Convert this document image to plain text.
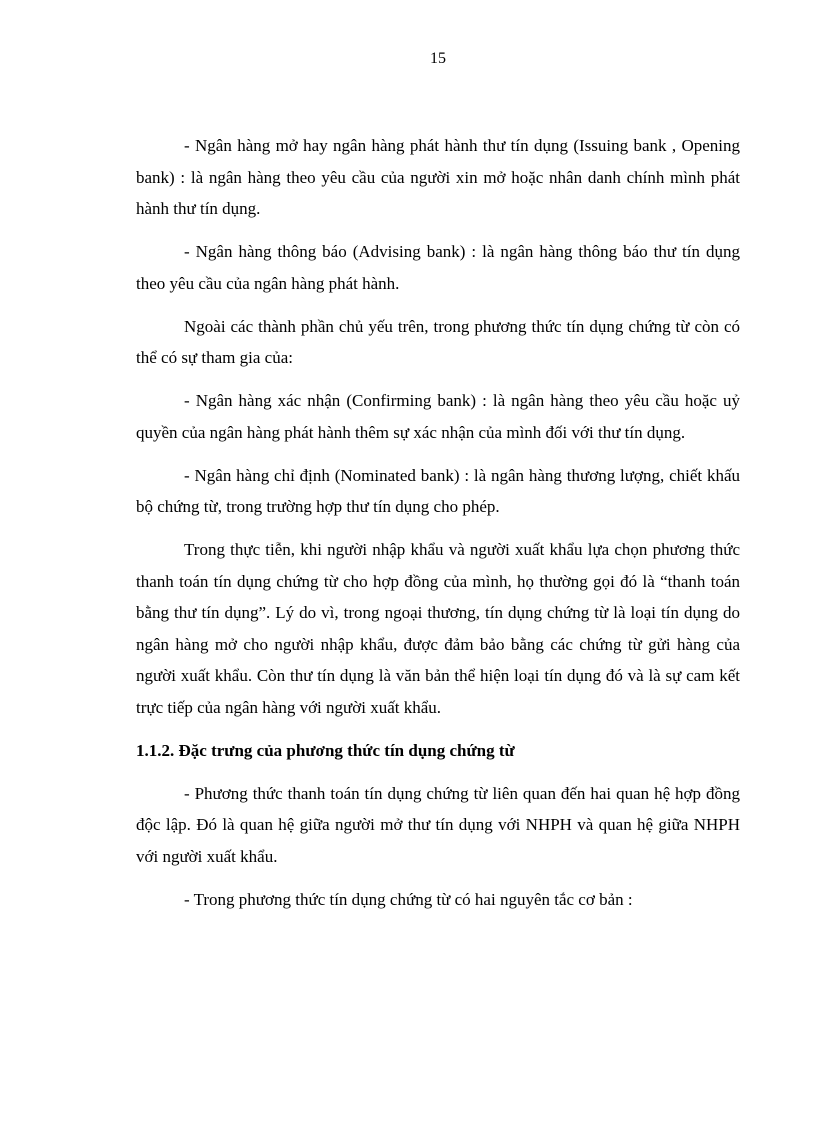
15

- Ngân hàng mở hay ngân hàng phát hành thư tín dụng (Issuing bank , Opening bank) : là ngân hàng theo yêu cầu của người xin mở hoặc nhân danh chính mình phát hành thư tín dụng.

- Ngân hàng thông báo (Advising bank) : là ngân hàng thông báo thư tín dụng theo yêu cầu của ngân hàng phát hành.

Ngoài các thành phần chủ yếu trên, trong phương thức tín dụng chứng từ còn có thể có sự tham gia của:

- Ngân hàng xác nhận (Confirming bank) : là ngân hàng theo yêu cầu hoặc uỷ quyền của ngân hàng phát hành thêm sự xác nhận của mình đối với thư tín dụng.

- Ngân hàng chỉ định (Nominated bank) : là ngân hàng thương lượng, chiết khấu bộ chứng từ, trong trường hợp thư tín dụng cho phép.

Trong thực tiễn, khi người nhập khẩu và người xuất khẩu lựa chọn phương thức thanh toán tín dụng chứng từ cho hợp đồng của mình, họ thường gọi đó là “thanh toán bằng thư tín dụng”. Lý do vì, trong ngoại thương, tín dụng chứng từ là loại tín dụng do ngân hàng mở cho người nhập khẩu, được đảm bảo bằng các chứng từ gửi hàng của người xuất khẩu. Còn thư tín dụng là văn bản thể hiện loại tín dụng đó và là sự cam kết trực tiếp của ngân hàng với người xuất khẩu.

1.1.2. Đặc trưng của phương thức tín dụng chứng từ

- Phương thức thanh toán tín dụng chứng từ liên quan đến hai quan hệ hợp đồng độc lập. Đó là quan hệ giữa người mở thư tín dụng với NHPH và quan hệ giữa NHPH với người xuất khẩu.

- Trong phương thức tín dụng chứng từ có hai nguyên tắc cơ bản :
